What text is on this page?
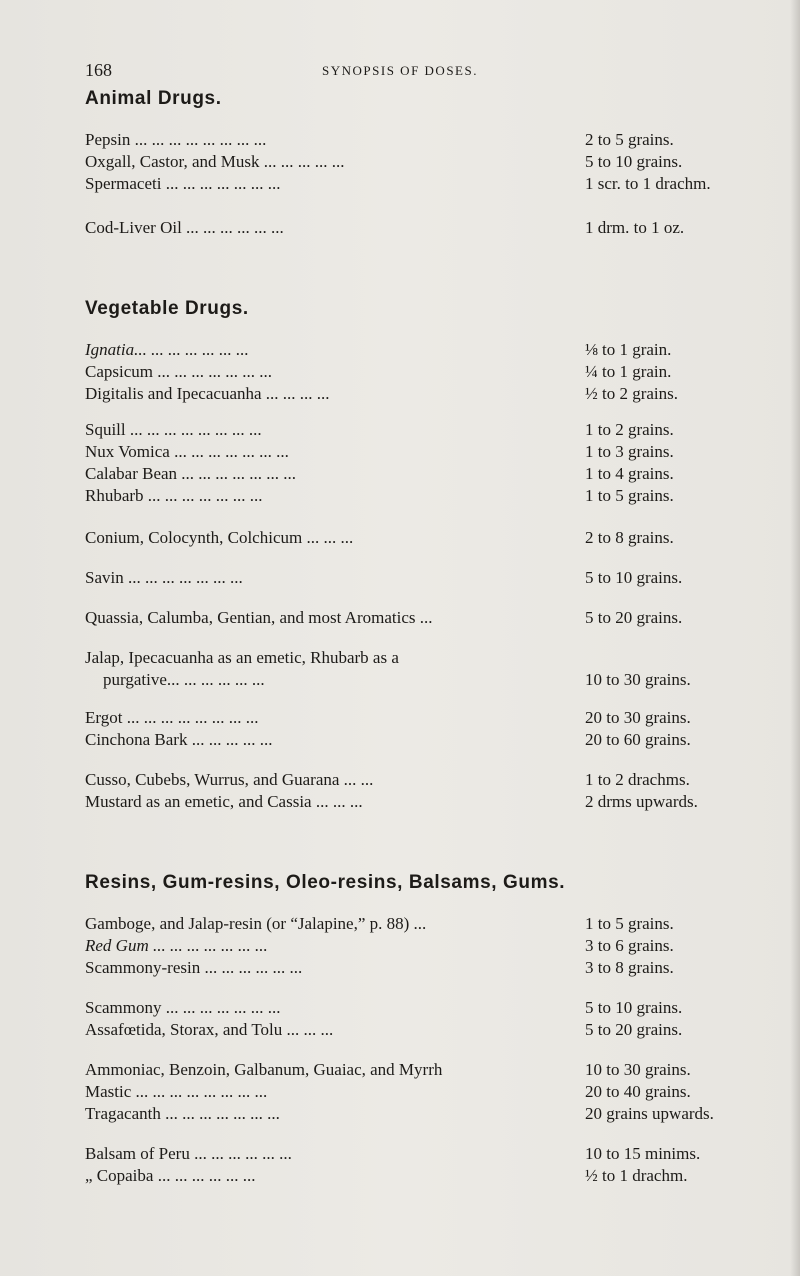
168	SYNOPSIS OF DOSES.
Animal Drugs.
Pepsin ... ... ... ... ... ... ... ...	2 to 5 grains.
Oxgall, Castor, and Musk ... ... ... ... ...	5 to 10 grains.
Spermaceti ... ... ... ... ... ... ...	1 scr. to 1 drachm.
Cod-Liver Oil ... ... ... ... ... ...	1 drm. to 1 oz.
Vegetable Drugs.
Ignatia... ... ... ... ... ... ...	⅛ to 1 grain.
Capsicum ... ... ... ... ... ... ...	¼ to 1 grain.
Digitalis and Ipecacuanha ... ... ... ...	½ to 2 grains.
Squill ... ... ... ... ... ... ... ...	1 to 2 grains.
Nux Vomica ... ... ... ... ... ... ...	1 to 3 grains.
Calabar Bean ... ... ... ... ... ... ...	1 to 4 grains.
Rhubarb ... ... ... ... ... ... ...	1 to 5 grains.
Conium, Colocynth, Colchicum ... ... ...	2 to 8 grains.
Savin ... ... ... ... ... ... ...	5 to 10 grains.
Quassia, Calumba, Gentian, and most Aromatics ...	5 to 20 grains.
Jalap, Ipecacuanha as an emetic, Rhubarb as a
purgative... ... ... ... ... ...	10 to 30 grains.
Ergot ... ... ... ... ... ... ... ...	20 to 30 grains.
Cinchona Bark ... ... ... ... ...	20 to 60 grains.
Cusso, Cubebs, Wurrus, and Guarana ... ...	1 to 2 drachms.
Mustard as an emetic, and Cassia ... ... ...	2 drms upwards.
Resins, Gum-resins, Oleo-resins, Balsams, Gums.
Gamboge, and Jalap-resin (or “Jalapine,” p. 88) ...	1 to 5 grains.
Red Gum ... ... ... ... ... ... ...	3 to 6 grains.
Scammony-resin ... ... ... ... ... ...	3 to 8 grains.
Scammony ... ... ... ... ... ... ...	5 to 10 grains.
Assafœtida, Storax, and Tolu ... ... ...	5 to 20 grains.
Ammoniac, Benzoin, Galbanum, Guaiac, and Myrrh	10 to 30 grains.
Mastic ... ... ... ... ... ... ... ...	20 to 40 grains.
Tragacanth ... ... ... ... ... ... ...	20 grains upwards.
Balsam of Peru ... ... ... ... ... ...	10 to 15 minims.
„ Copaiba ... ... ... ... ... ...	½ to 1 drachm.
